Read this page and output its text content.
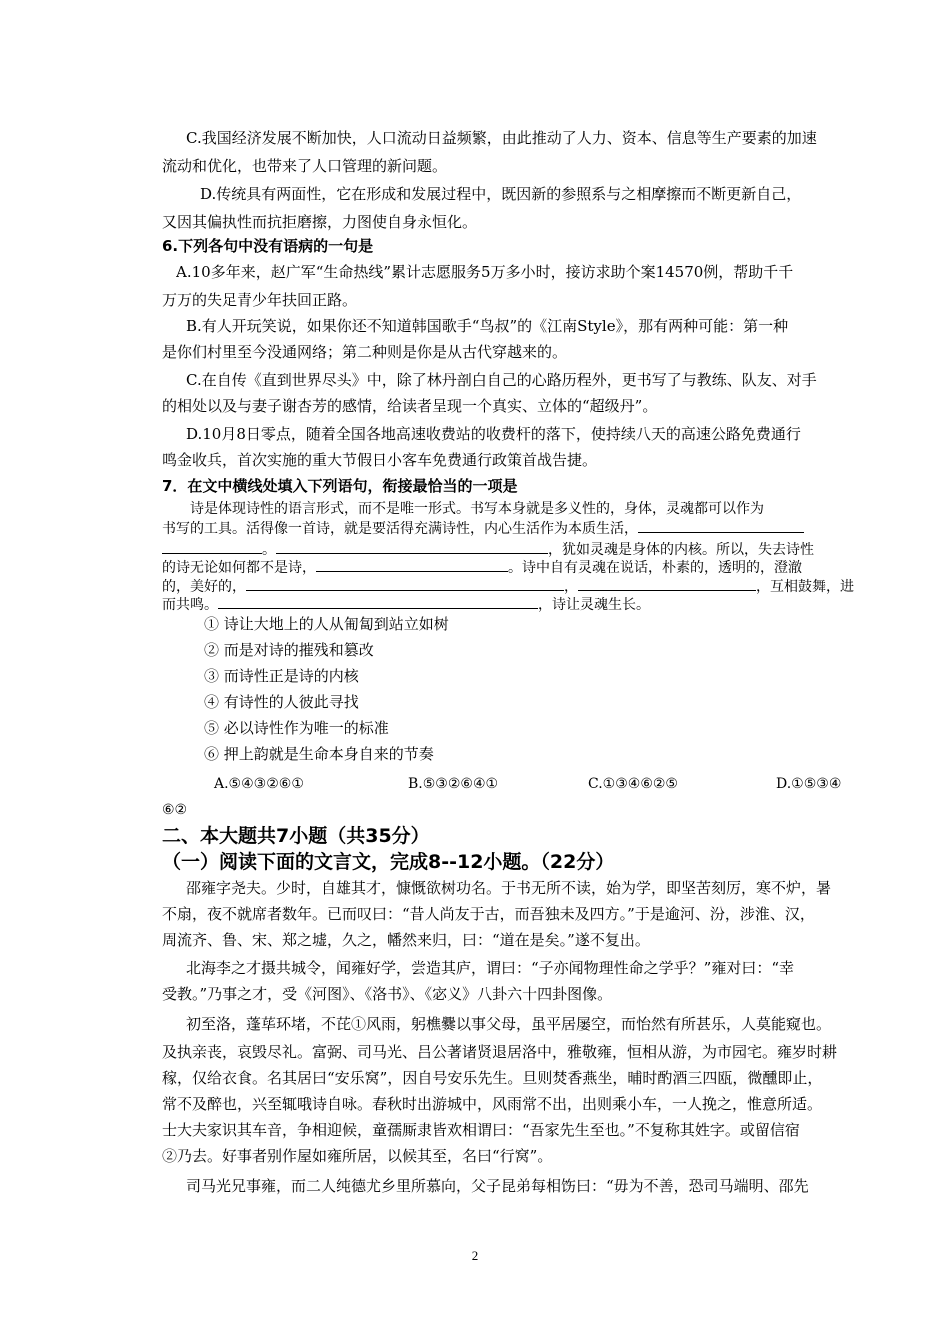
C.我国经济发展不断加快，人口流动日益频繁，由此推动了人力、资本、信息等生产要素的加速
流动和优化，也带来了人口管理的新问题。
D.传统具有两面性，它在形成和发展过程中，既因新的参照系与之相摩擦而不断更新自己，
又因其偏执性而抗拒磨擦，力图使自身永恒化。
6.下列各句中没有语病的一句是
A.10多年来，赵广军“生命热线”累计志愿服务5万多小时，接访求助个案14570例，帮助千千
万万的失足青少年扶回正路。
B.有人开玩笑说，如果你还不知道韩国歌手“鸟叔”的《江南Style》，那有两种可能：第一种
是你们村里至今没通网络；第二种则是你是从古代穿越来的。
C.在自传《直到世界尽头》中，除了林丹剖白自己的心路历程外，更书写了与教练、队友、对手
的相处以及与妻子谢杏芳的感情，给读者呈现一个真实、立体的“超级丹”。
D.10月8日零点，随着全国各地高速收费站的收费杆的落下，使持续八天的高速公路免费通行
鸣金收兵，首次实施的重大节假日小客车免费通行政策首战告捷。
7．在文中横线处填入下列语句，衔接最恰当的一项是
诗是体现诗性的语言形式，而不是唯一形式。书写本身就是多义性的，身体，灵魂都可以作为
书写的工具。活得像一首诗，就是要活得充满诗性，内心生活作为本质生活，
。	，犹如灵魂是身体的内核。所以，失去诗性
的诗无论如何都不是诗，	。诗中自有灵魂在说话，朴素的，透明的，澄澈
的，美好的，	，	，互相鼓舞，进
而共鸣。	，诗让灵魂生长。
① 诗让大地上的人从匍匐到站立如树
② 而是对诗的摧残和篡改
③ 而诗性正是诗的内核
④ 有诗性的人彼此寻找
⑤ 必以诗性作为唯一的标准
⑥ 押上韵就是生命本身自来的节奏
A.⑤④③②⑥①	B.⑤③②⑥④①	C.①③④⑥②⑤	D.①⑤③④
⑥②
二、本大题共7小题（共35分）
（一）阅读下面的文言文，完成8--12小题。（22分）
邵雍字尧夫。少时，自雄其才，慷慨欲树功名。于书无所不读，始为学，即坚苦刻厉，寒不炉，暑
不扇，夜不就席者数年。已而叹曰：“昔人尚友于古，而吾独未及四方。”于是逾河、汾，涉淮、汉，
周流齐、鲁、宋、郑之墟，久之，幡然来归，曰：“道在是矣。”遂不复出。
北海李之才摄共城令，闻雍好学，尝造其庐，谓曰：“子亦闻物理性命之学乎？”雍对曰：“幸
受教。”乃事之才，受《河图》、《洛书》、《宓义》八卦六十四卦图像。
初至洛，蓬荜环堵，不芘①风雨，躬樵爨以事父母，虽平居屡空，而怡然有所甚乐，人莫能窥也。
及执亲丧，哀毁尽礼。富弼、司马光、吕公著诸贤退居洛中，雅敬雍，恒相从游，为市园宅。雍岁时耕
稼，仅给衣食。名其居曰“安乐窝”，因自号安乐先生。旦则焚香燕坐，晡时酌酒三四瓯，微醺即止，
常不及醉也，兴至辄哦诗自咏。春秋时出游城中，风雨常不出，出则乘小车，一人挽之，惟意所适。
士大夫家识其车音，争相迎候，童孺厮隶皆欢相谓曰：“吾家先生至也。”不复称其姓字。或留信宿
②乃去。好事者别作屋如雍所居，以候其至，名曰“行窝”。
司马光兄事雍，而二人纯德尤乡里所慕向，父子昆弟每相饬曰：“毋为不善，恐司马端明、邵先
2
